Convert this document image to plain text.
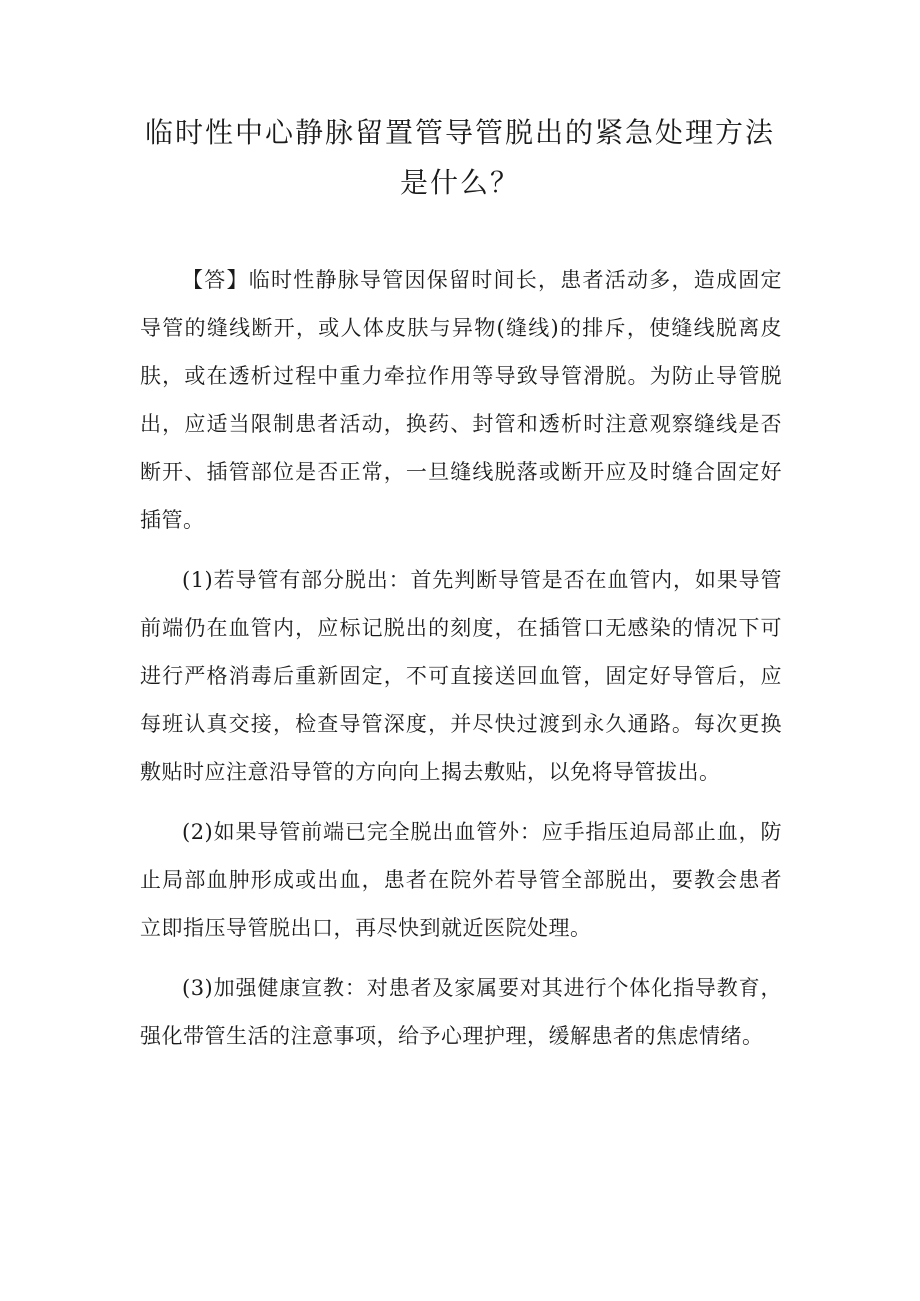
临时性中心静脉留置管导管脱出的紧急处理方法是什么？

【答】临时性静脉导管因保留时间长，患者活动多，造成固定导管的缝线断开，或人体皮肤与异物(缝线)的排斥，使缝线脱离皮肤，或在透析过程中重力牵拉作用等导致导管滑脱。为防止导管脱出，应适当限制患者活动，换药、封管和透析时注意观察缝线是否断开、插管部位是否正常，一旦缝线脱落或断开应及时缝合固定好插管。

(1)若导管有部分脱出：首先判断导管是否在血管内，如果导管前端仍在血管内，应标记脱出的刻度，在插管口无感染的情况下可进行严格消毒后重新固定，不可直接送回血管，固定好导管后，应每班认真交接，检查导管深度，并尽快过渡到永久通路。每次更换敷贴时应注意沿导管的方向向上揭去敷贴，以免将导管拔出。

(2)如果导管前端已完全脱出血管外：应手指压迫局部止血，防止局部血肿形成或出血，患者在院外若导管全部脱出，要教会患者立即指压导管脱出口，再尽快到就近医院处理。

(3)加强健康宣教：对患者及家属要对其进行个体化指导教育，强化带管生活的注意事项，给予心理护理，缓解患者的焦虑情绪。
